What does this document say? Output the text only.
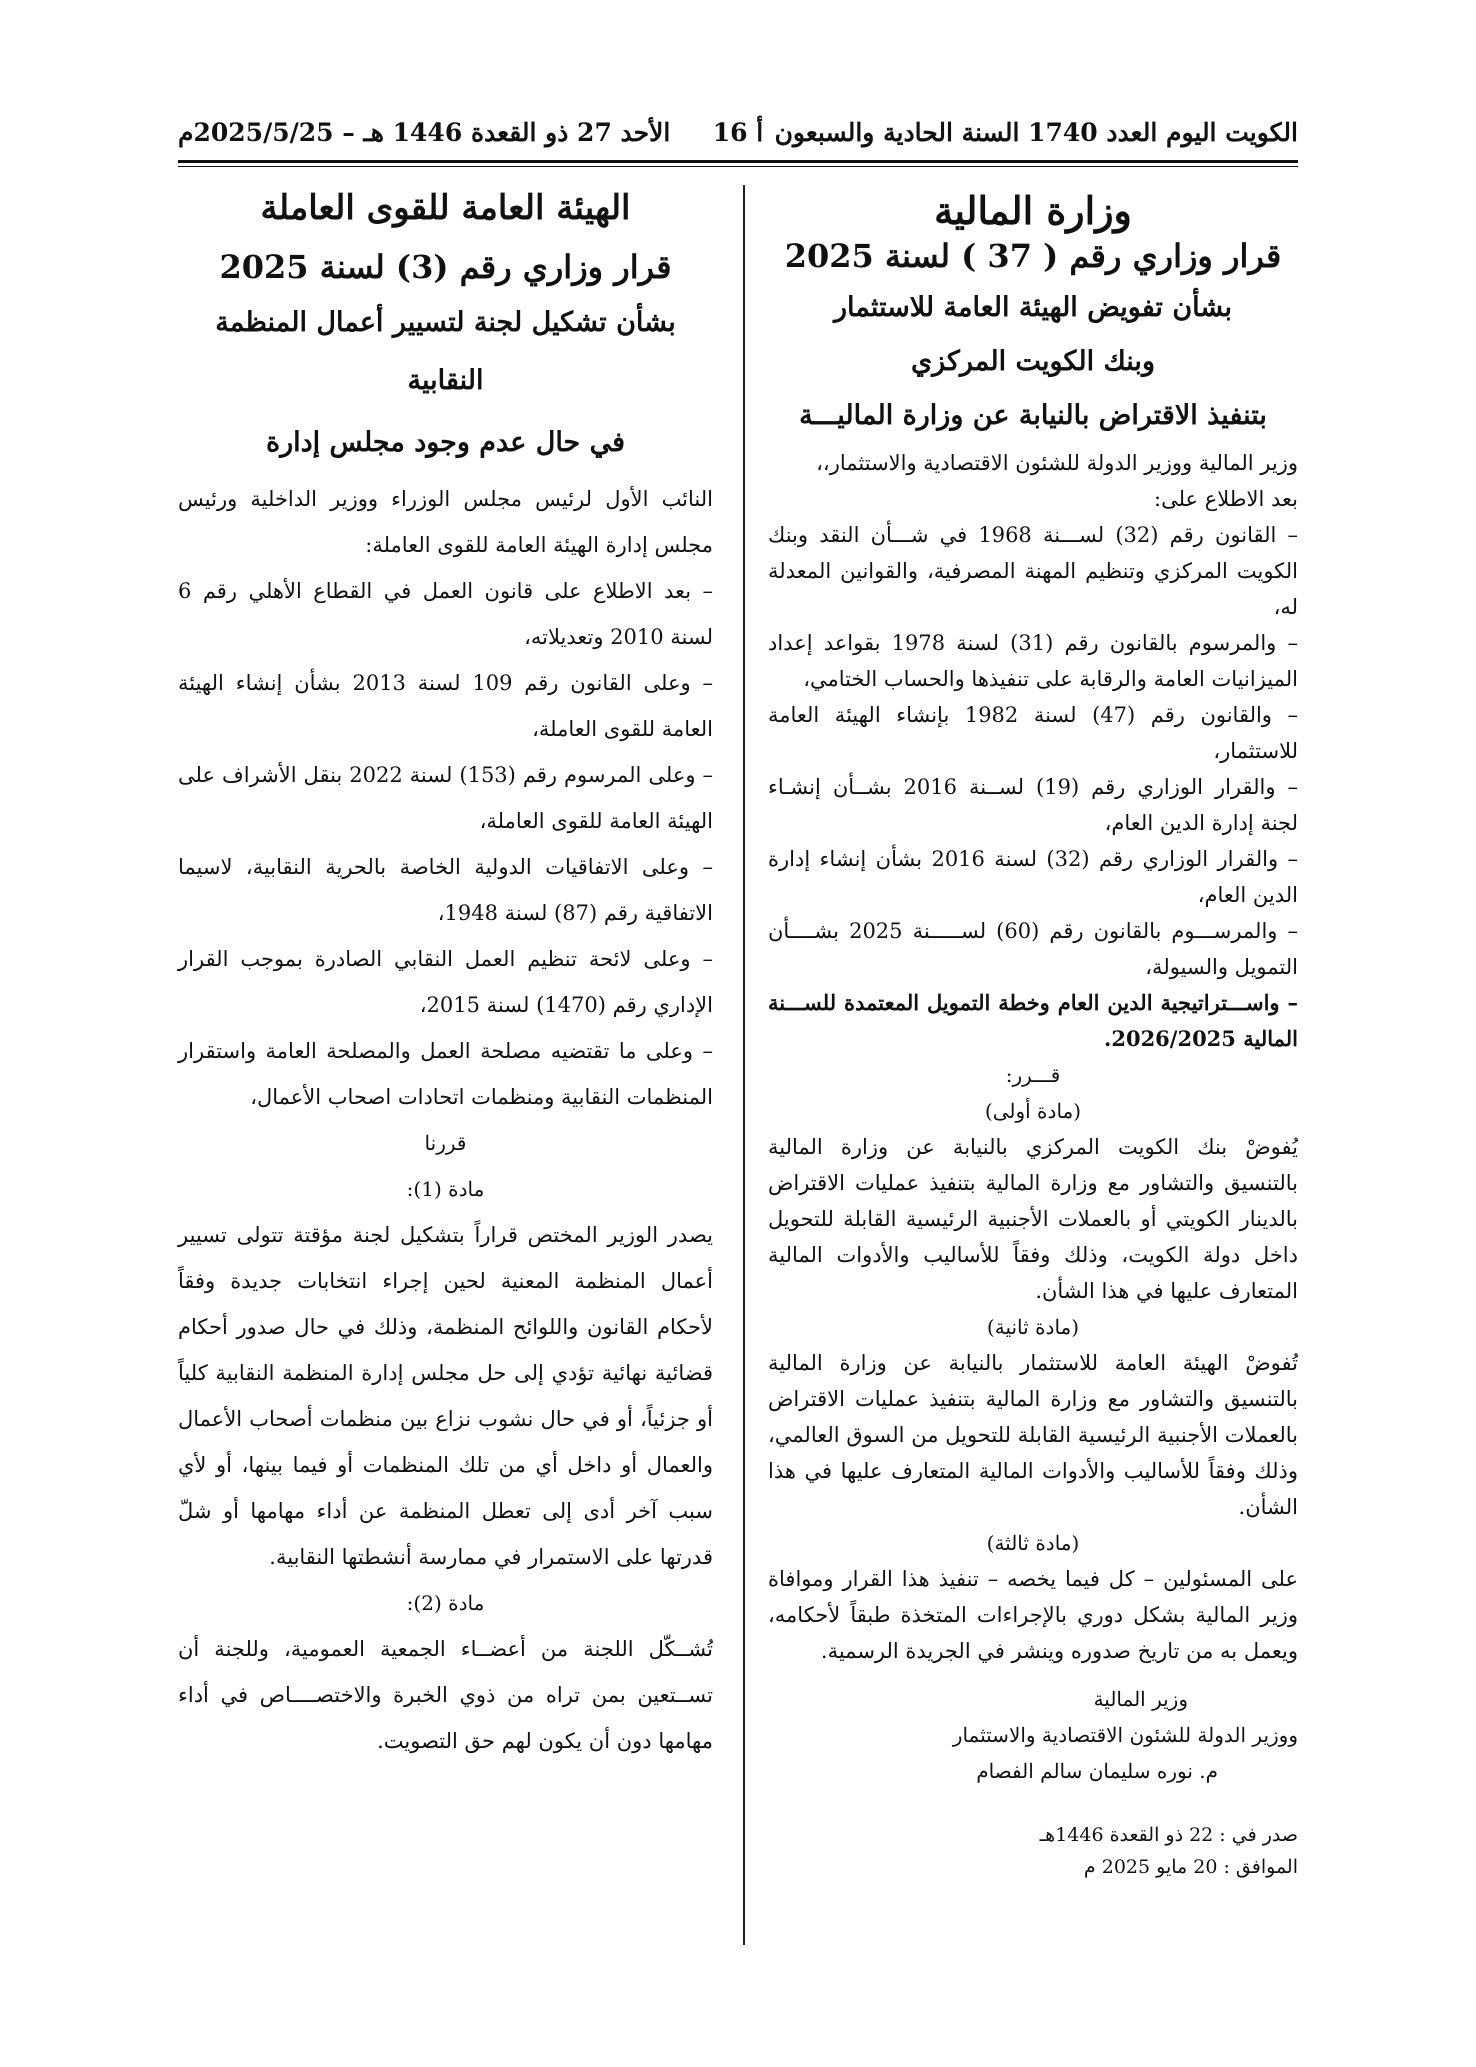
الكويت اليوم العدد 1740 السنة الحادية والسبعون
أ 16
الأحد 27 ذو القعدة 1446 هـ – 2025/5/25م
وزارة المالية
قرار وزاري رقم ( 37 ) لسنة 2025
بشأن تفويض الهيئة العامة للاستثمار
وبنك الكويت المركزي
بتنفيذ الاقتراض بالنيابة عن وزارة الماليـــة

وزير المالية ووزير الدولة للشئون الاقتصادية والاستثمار،،

بعد الاطلاع على:

– القانون رقم (32) لســـنة 1968 في شـــأن النقد وبنك الكويت المركزي وتنظيم المهنة المصرفية، والقوانين المعدلة له،

– والمرسوم بالقانون رقم (31) لسنة 1978 بقواعد إعداد الميزانيات العامة والرقابة على تنفيذها والحساب الختامي،

– والقانون رقم (47) لسنة 1982 بإنشاء الهيئة العامة للاستثمار،

– والقرار الوزاري رقم (19) لســنة 2016 بشــأن إنشـاء لجنة إدارة الدين العام،

– والقرار الوزاري رقم (32) لسنة 2016 بشأن إنشاء إدارة الدين العام،

– والمرســـوم بالقانون رقم (60) لســـــنة 2025 بشــــأن التمويل والسيولة،

– واســـتراتيجية الدين العام وخطة التمويل المعتمدة للســـنة المالية 2026/2025.

قـــرر:

(مادة أولى)

يُفوضْ بنك الكويت المركزي بالنيابة عن وزارة المالية بالتنسيق والتشاور مع وزارة المالية بتنفيذ عمليات الاقتراض بالدينار الكويتي أو بالعملات الأجنبية الرئيسية القابلة للتحويل داخل دولة الكويت، وذلك وفقاً للأساليب والأدوات المالية المتعارف عليها في هذا الشأن.

(مادة ثانية)

تُفوضْ الهيئة العامة للاستثمار بالنيابة عن وزارة المالية بالتنسيق والتشاور مع وزارة المالية بتنفيذ عمليات الاقتراض بالعملات الأجنبية الرئيسية القابلة للتحويل من السوق العالمي، وذلك وفقاً للأساليب والأدوات المالية المتعارف عليها في هذا الشأن.

(مادة ثالثة)

على المسئولين – كل فيما يخصه – تنفيذ هذا القرار وموافاة وزير المالية بشكل دوري بالإجراءات المتخذة طبقاً لأحكامه، ويعمل به من تاريخ صدوره وينشر في الجريدة الرسمية.

وزير المالية

ووزير الدولة للشئون الاقتصادية والاستثمار

م. نوره سليمان سالم الفصام

صدر في : 22 ذو القعدة 1446هـ
الموافق : 20 مايو 2025 م
الهيئة العامة للقوى العاملة
قرار وزاري رقم (3) لسنة 2025
بشأن تشكيل لجنة لتسيير أعمال المنظمة النقابية
في حال عدم وجود مجلس إدارة

النائب الأول لرئيس مجلس الوزراء ووزير الداخلية ورئيس مجلس إدارة الهيئة العامة للقوى العاملة:

– بعد الاطلاع على قانون العمل في القطاع الأهلي رقم 6 لسنة 2010 وتعديلاته،

– وعلى القانون رقم 109 لسنة 2013 بشأن إنشاء الهيئة العامة للقوى العاملة،

– وعلى المرسوم رقم (153) لسنة 2022 بنقل الأشراف على الهيئة العامة للقوى العاملة،

– وعلى الاتفاقيات الدولية الخاصة بالحرية النقابية، لاسيما الاتفاقية رقم (87) لسنة 1948،

– وعلى لائحة تنظيم العمل النقابي الصادرة بموجب القرار الإداري رقم (1470) لسنة 2015،

– وعلى ما تقتضيه مصلحة العمل والمصلحة العامة واستقرار المنظمات النقابية ومنظمات اتحادات اصحاب الأعمال،

قررنا

مادة (1):

يصدر الوزير المختص قراراً بتشكيل لجنة مؤقتة تتولى تسيير أعمال المنظمة المعنية لحين إجراء انتخابات جديدة وفقاً لأحكام القانون واللوائح المنظمة، وذلك في حال صدور أحكام قضائية نهائية تؤدي إلى حل مجلس إدارة المنظمة النقابية كلياً أو جزئياً، أو في حال نشوب نزاع بين منظمات أصحاب الأعمال والعمال أو داخل أي من تلك المنظمات أو فيما بينها، أو لأي سبب آخر أدى إلى تعطل المنظمة عن أداء مهامها أو شلّ قدرتها على الاستمرار في ممارسة أنشطتها النقابية.

مادة (2):

تُشــكّل اللجنة من أعضــاء الجمعية العمومية، وللجنة أن تســتعين بمن تراه من ذوي الخبرة والاختصــــاص في أداء مهامها دون أن يكون لهم حق التصويت.
